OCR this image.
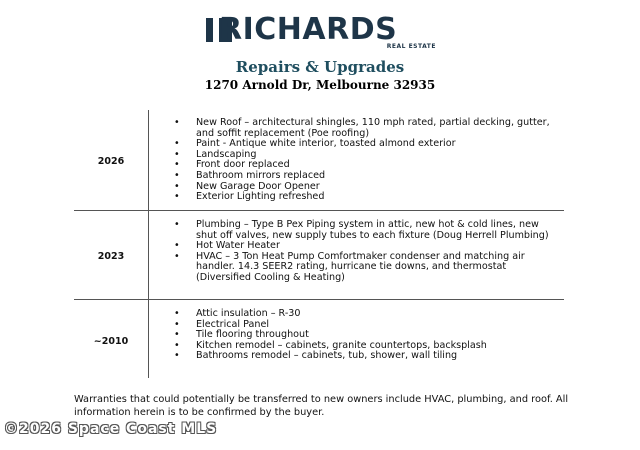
RICHARDS
REAL ESTATE
Repairs & Upgrades
1270 Arnold Dr, Melbourne 32935
2026
• New Roof – architectural shingles, 110 mph rated, partial decking, gutter, and soffit replacement (Poe roofing)
• Paint - Antique white interior, toasted almond exterior
• Landscaping
• Front door replaced
• Bathroom mirrors replaced
• New Garage Door Opener
• Exterior Lighting refreshed
2023
• Plumbing – Type B Pex Piping system in attic, new hot & cold lines, new shut off valves, new supply tubes to each fixture (Doug Herrell Plumbing)
• Hot Water Heater
• HVAC – 3 Ton Heat Pump Comfortmaker condenser and matching air handler. 14.3 SEER2 rating, hurricane tie downs, and thermostat (Diversified Cooling & Heating)
~2010
• Attic insulation – R-30
• Electrical Panel
• Tile flooring throughout
• Kitchen remodel – cabinets, granite countertops, backsplash
• Bathrooms remodel – cabinets, tub, shower, wall tiling
Warranties that could potentially be transferred to new owners include HVAC, plumbing, and roof. All information herein is to be confirmed by the buyer.
©2026 Space Coast MLS
